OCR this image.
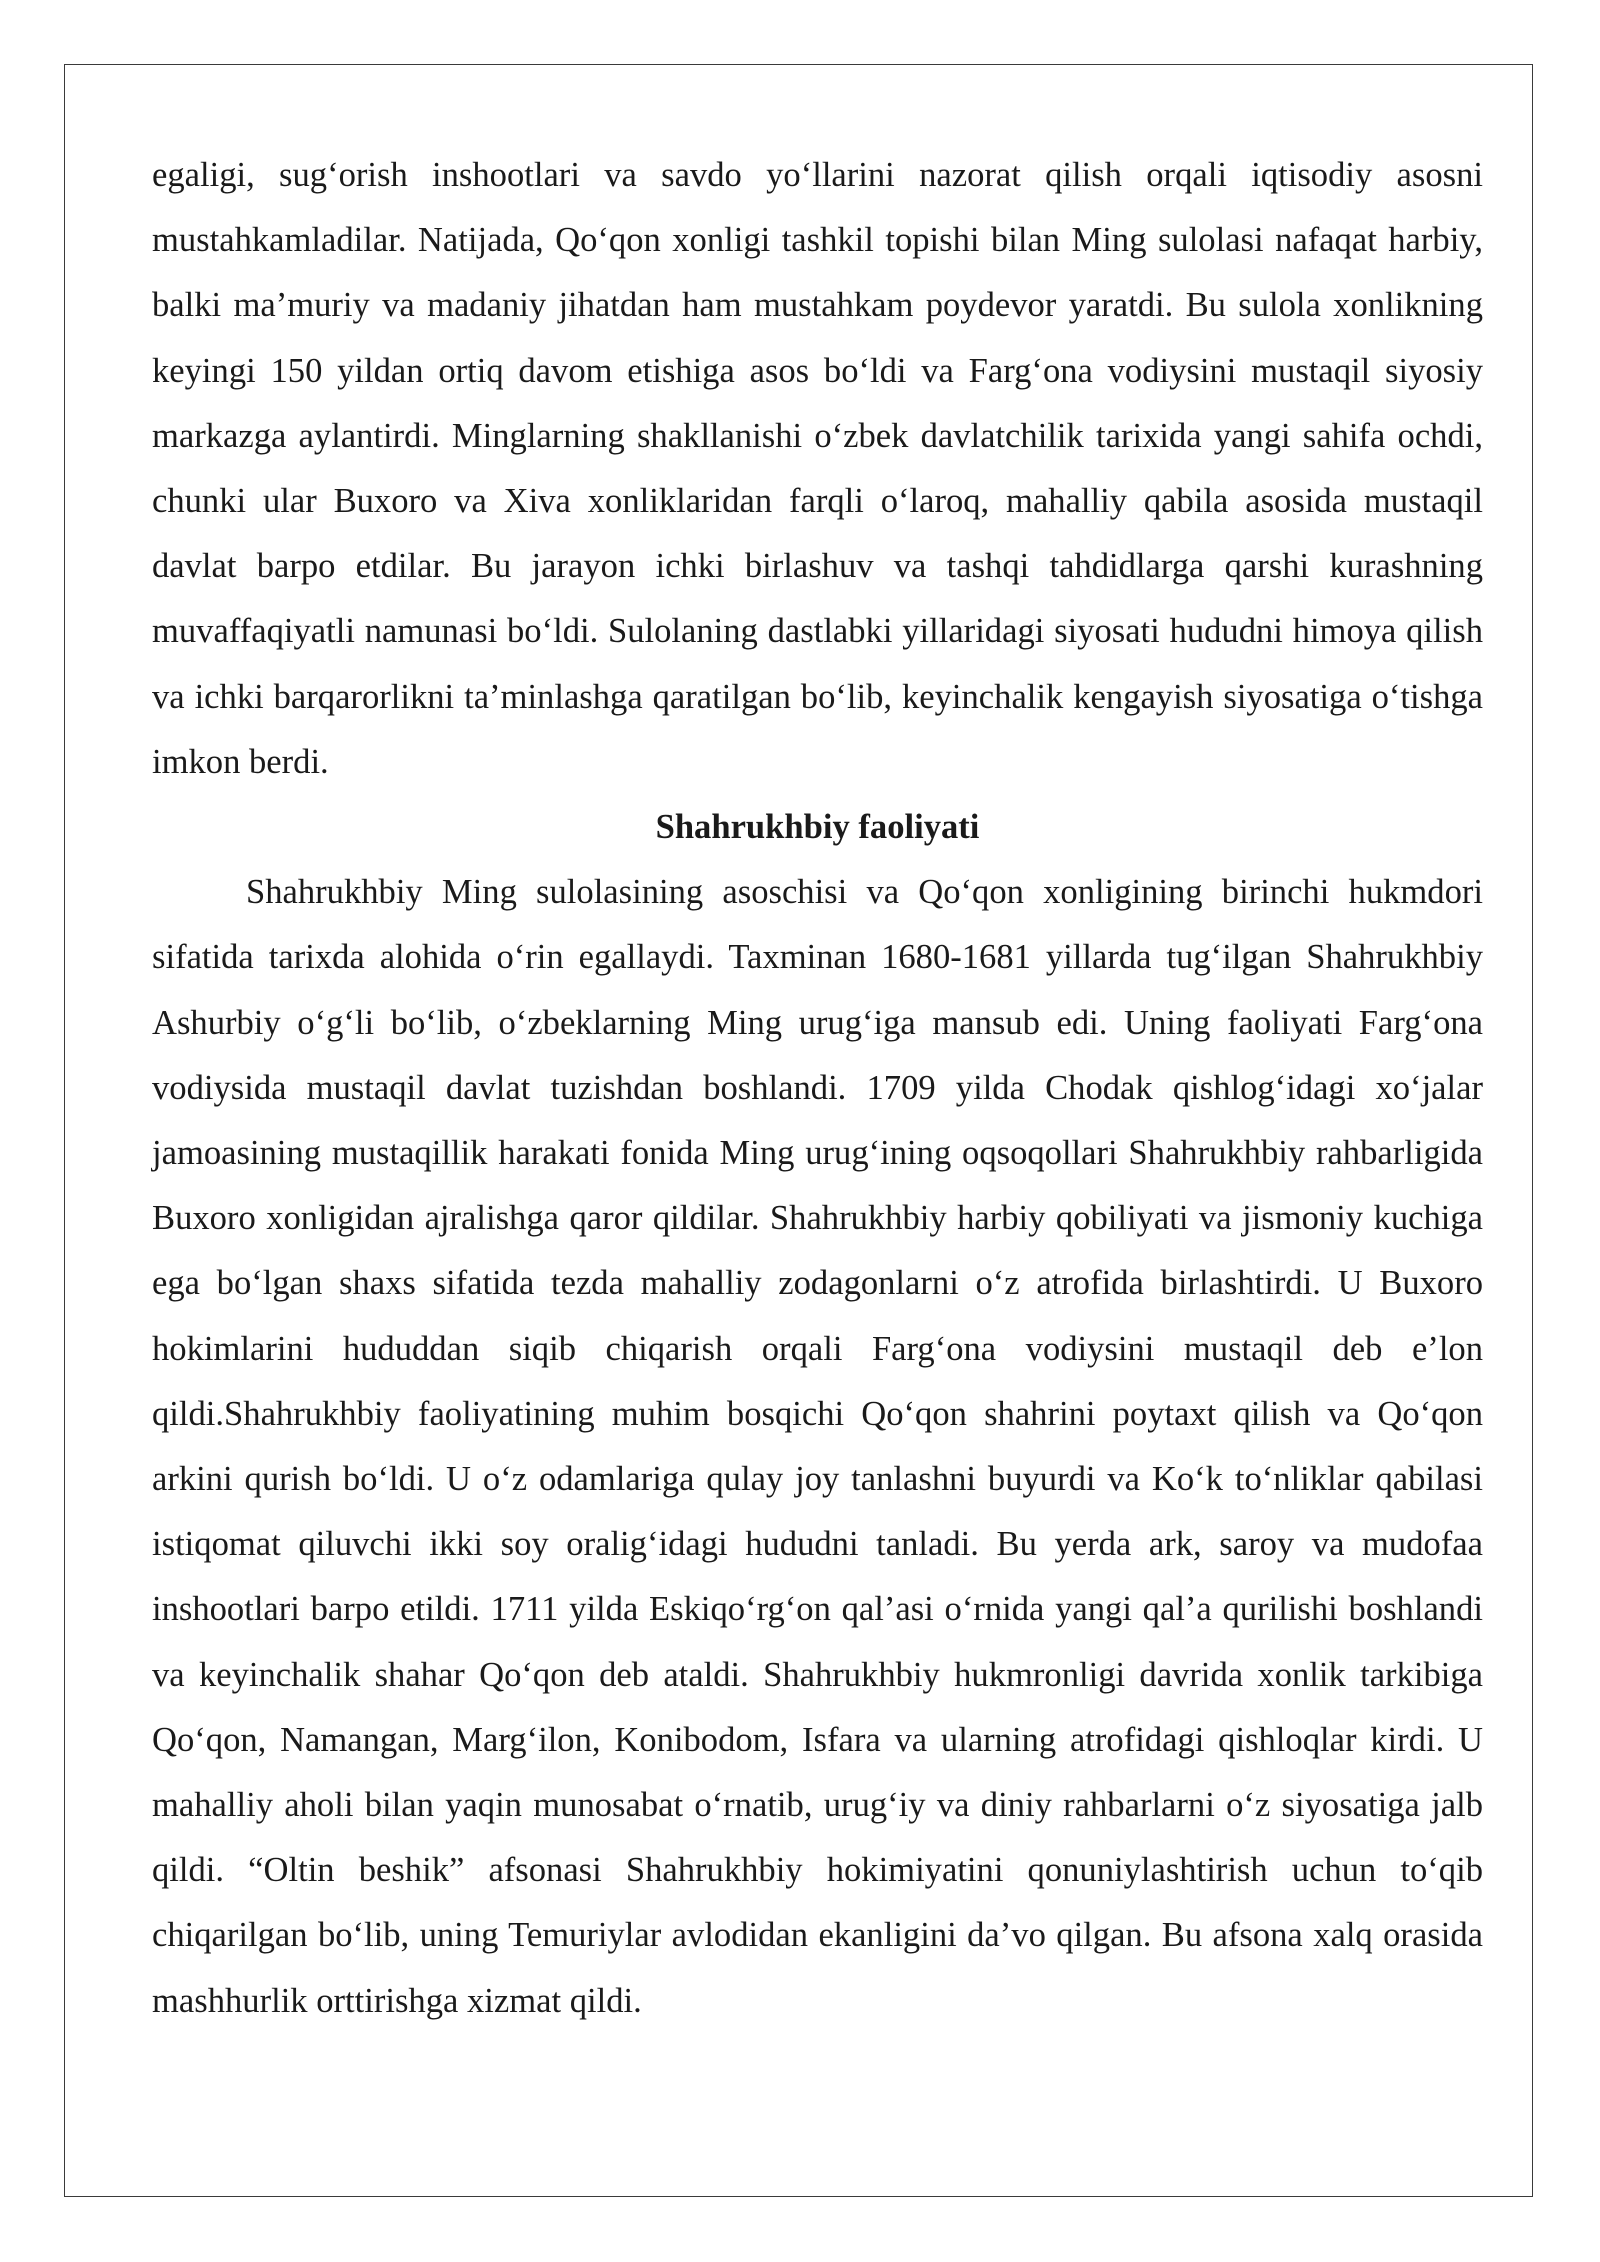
egaligi, sug‘orish inshootlari va savdo yo‘llarini nazorat qilish orqali iqtisodiy asosni mustahkamladilar. Natijada, Qo‘qon xonligi tashkil topishi bilan Ming sulolasi nafaqat harbiy, balki ma’muriy va madaniy jihatdan ham mustahkam poydevor yaratdi. Bu sulola xonlikning keyingi 150 yildan ortiq davom etishiga asos bo‘ldi va Farg‘ona vodiysini mustaqil siyosiy markazga aylantirdi. Minglarning shakllanishi o‘zbek davlatchilik tarixida yangi sahifa ochdi, chunki ular Buxoro va Xiva xonliklaridan farqli o‘laroq, mahalliy qabila asosida mustaqil davlat barpo etdilar. Bu jarayon ichki birlashuv va tashqi tahdidlarga qarshi kurashning muvaffaqiyatli namunasi bo‘ldi. Sulolaning dastlabki yillaridagi siyosati hududni himoya qilish va ichki barqarorlikni ta’minlashga qaratilgan bo‘lib, keyinchalik kengayish siyosatiga o‘tishga imkon berdi.

Shahrukhbiy faoliyati

Shahrukhbiy Ming sulolasining asoschisi va Qo‘qon xonligining birinchi hukmdori sifatida tarixda alohida o‘rin egallaydi. Taxminan 1680-1681 yillarda tug‘ilgan Shahrukhbiy Ashurbiy o‘g‘li bo‘lib, o‘zbeklarning Ming urug‘iga mansub edi. Uning faoliyati Farg‘ona vodiysida mustaqil davlat tuzishdan boshlandi. 1709 yilda Chodak qishlog‘idagi xo‘jalar jamoasining mustaqillik harakati fonida Ming urug‘ining oqsoqollari Shahrukhbiy rahbarligida Buxoro xonligidan ajralishga qaror qildilar. Shahrukhbiy harbiy qobiliyati va jismoniy kuchiga ega bo‘lgan shaxs sifatida tezda mahalliy zodagonlarni o‘z atrofida birlashtirdi. U Buxoro hokimlarini hududdan siqib chiqarish orqali Farg‘ona vodiysini mustaqil deb e’lon qildi.Shahrukhbiy faoliyatining muhim bosqichi Qo‘qon shahrini poytaxt qilish va Qo‘qon arkini qurish bo‘ldi. U o‘z odamlariga qulay joy tanlashni buyurdi va Ko‘k to‘nliklar qabilasi istiqomat qiluvchi ikki soy oralig‘idagi hududni tanladi. Bu yerda ark, saroy va mudofaa inshootlari barpo etildi. 1711 yilda Eskiqo‘rg‘on qal’asi o‘rnida yangi qal’a qurilishi boshlandi va keyinchalik shahar Qo‘qon deb ataldi. Shahrukhbiy hukmronligi davrida xonlik tarkibiga Qo‘qon, Namangan, Marg‘ilon, Konibodom, Isfara va ularning atrofidagi qishloqlar kirdi. U mahalliy aholi bilan yaqin munosabat o‘rnatib, urug‘iy va diniy rahbarlarni o‘z siyosatiga jalb qildi. “Oltin beshik” afsonasi Shahrukhbiy hokimiyatini qonuniylashtirish uchun to‘qib chiqarilgan bo‘lib, uning Temuriylar avlodidan ekanligini da’vo qilgan. Bu afsona xalq orasida mashhurlik orttirishga xizmat qildi.
